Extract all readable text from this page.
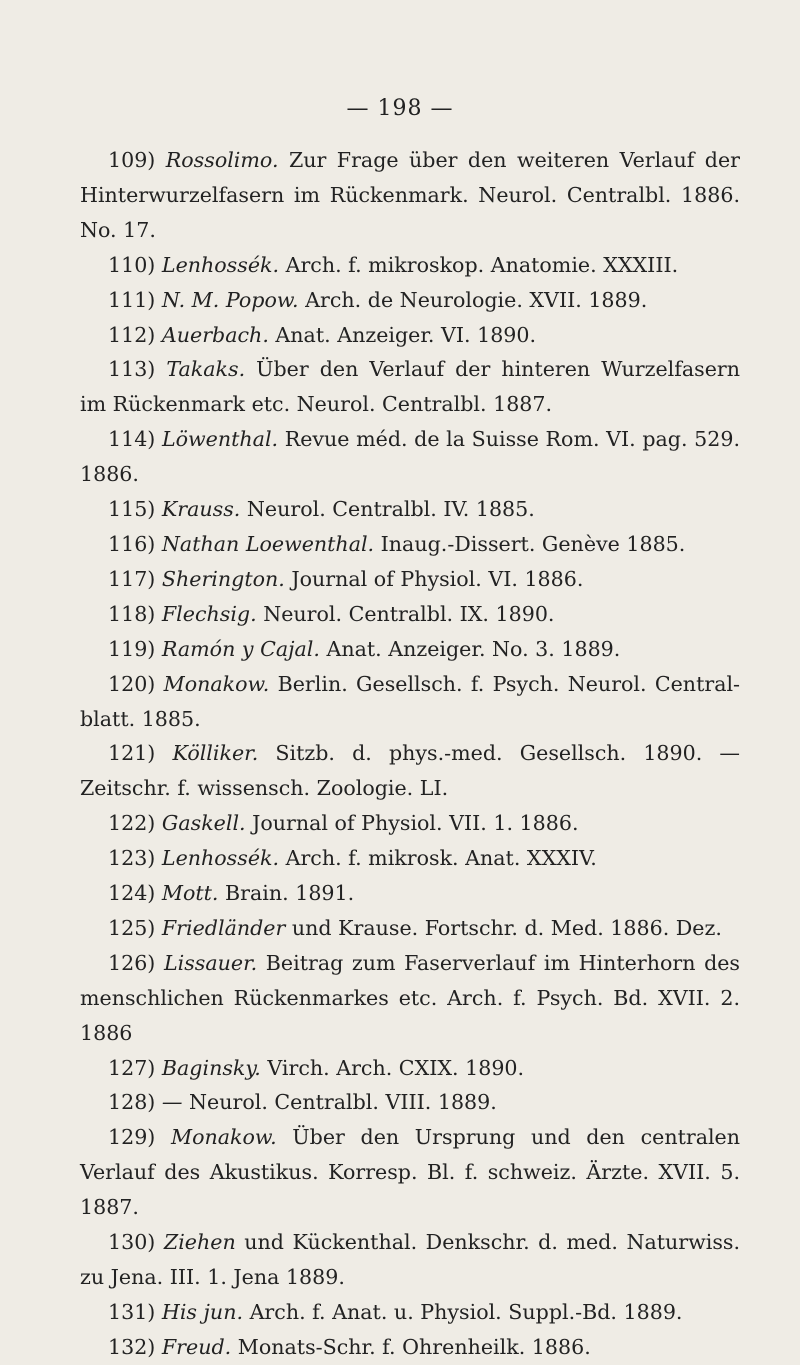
— 198 —

109) Rossolimo. Zur Frage über den weiteren Verlauf der Hinterwurzelfasern im Rückenmark. Neurol. Centralbl. 1886. No. 17.

110) Lenhossék. Arch. f. mikroskop. Anatomie. XXXIII.

111) N. M. Popow. Arch. de Neurologie. XVII. 1889.

112) Auerbach. Anat. Anzeiger. VI. 1890.

113) Takaks. Über den Verlauf der hinteren Wurzelfasern im Rückenmark etc. Neurol. Centralbl. 1887.

114) Löwenthal. Revue méd. de la Suisse Rom. VI. pag. 529. 1886.

115) Krauss. Neurol. Centralbl. IV. 1885.

116) Nathan Loewenthal. Inaug.-Dissert. Genève 1885.

117) Sherington. Journal of Physiol. VI. 1886.

118) Flechsig. Neurol. Centralbl. IX. 1890.

119) Ramón y Cajal. Anat. Anzeiger. No. 3. 1889.

120) Monakow. Berlin. Gesellsch. f. Psych. Neurol. Central-blatt. 1885.

121) Kölliker. Sitzb. d. phys.-med. Gesellsch. 1890. — Zeitschr. f. wissensch. Zoologie. LI.

122) Gaskell. Journal of Physiol. VII. 1. 1886.

123) Lenhossék. Arch. f. mikrosk. Anat. XXXIV.

124) Mott. Brain. 1891.

125) Friedländer und Krause. Fortschr. d. Med. 1886. Dez.

126) Lissauer. Beitrag zum Faserverlauf im Hinterhorn des menschlichen Rückenmarkes etc. Arch. f. Psych. Bd. XVII. 2. 1886

127) Baginsky. Virch. Arch. CXIX. 1890.

128) — Neurol. Centralbl. VIII. 1889.

129) Monakow. Über den Ursprung und den centralen Verlauf des Akustikus. Korresp. Bl. f. schweiz. Ärzte. XVII. 5. 1887.

130) Ziehen und Kückenthal. Denkschr. d. med. Naturwiss. zu Jena. III. 1. Jena 1889.

131) His jun. Arch. f. Anat. u. Physiol. Suppl.-Bd. 1889.

132) Freud. Monats-Schr. f. Ohrenheilk. 1886.
